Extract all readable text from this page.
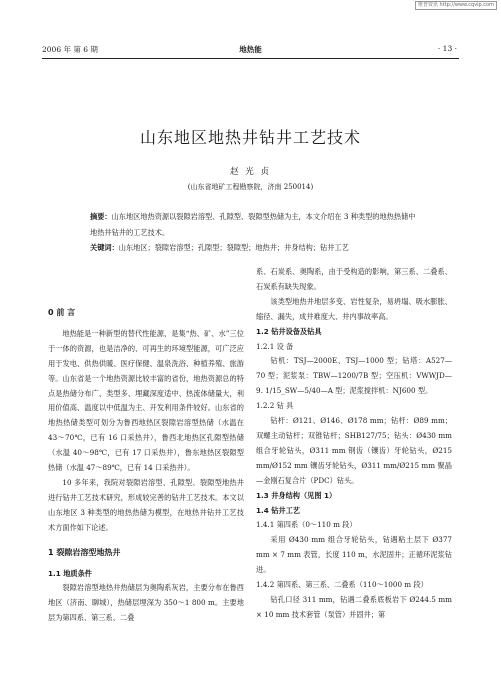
维普资讯 http://www.cqvip.com
2006 年 第 6 期	地热能	· 13 ·
山东地区地热井钻井工艺技术
赵 光 贞
(山东省地矿工程勘察院，济南 250014)
摘要：山东地区地热资源以裂隙岩溶型、孔隙型、裂隙型热储为主，本文介绍在 3 种类型的地热热储中地热井钻井的工艺技术。
关键词：山东地区；裂隙岩溶型；孔隙型；裂隙型；地热井；井身结构；钻井工艺

0 前 言

地热能是一种新型的替代性能源，是集“热、矿、水”三位于一体的资源，也是洁净的、可再生的环境型能源，可广泛应用于发电、供热供暖、医疗保健、温泉洗浴、种植养殖、旅游等。山东省是一个地热资源比较丰富的省份，地热资源总的特点是热储分布广、类型多、埋藏深度适中、热流体储量大，利用价值高、温度以中低温为主、开发利用条件较好。山东省的地热热储类型可划分为鲁西地热区裂隙岩溶型热储（水温在 43～70℃，已有 16 口采热井），鲁西北地热区孔隙型热储（水温 40～98℃，已有 17 口采热井），鲁东地热区裂隙型热储（水温 47～89℃，已有 14 口采热井）。

10 多年来，我院对裂隙岩溶型、孔隙型、裂隙型地热井进行钻井工艺技术研究，形成较完善的钻井工艺技术。本文以山东地区 3 种类型的地热热储为模型，在地热井钻井工艺技术方面作如下论述。

1 裂隙岩溶型地热井

1.1 地质条件

裂隙岩溶型地热井热储层为奥陶系灰岩，主要分布在鲁西地区（济南、聊城），热储层埋深为 350～1 800 m。主要地层为第四系、第三系、二叠

系、石炭系、奥陶系，由于受构造的影响，第三系、二叠系、石炭系有缺失现象。

该类型地热井地层多变、岩性复杂，易坍塌、吸水膨胀、缩径、漏失，成井难度大、井内事故率高。

1.2 钻井设备及钻具

1.2.1 设 备

钻机：TSJ—2000E、TSJ—1000 型；钻塔：A527—70 型；泥浆泵：TBW—1200/7B 型；空压机：VWWJD—9. 1/15_SW—5/40—A 型；泥浆搅拌机：NJ600 型。

1.2.2 钻 具

钻杆：Ø121、Ø146、Ø178 mm；钻杆：Ø89 mm；双螺主动钻杆；双锥钻杆；SHB127/75；钻头：Ø430 mm 组合牙轮钻头，Ø311 mm 钢齿（镶齿）牙轮钻头，Ø215 mm/Ø152 mm 镶齿牙轮钻头，Ø311 mm/Ø215 mm 聚晶—金刚石复合片（PDC）钻头。

1.3 井身结构（见图 1）

1.4 钻井工艺

1.4.1 第四系（0～110 m 段）

采用 Ø430 mm 组合牙轮钻头，钻遇粘土层下 Ø377 mm × 7 mm 表管，长度 110 m，水泥固井；正循环泥浆钻进。

1.4.2 第四系、第三系、二叠系（110～1000 m 段）

钻孔口径 311 mm，钻遇二叠系底板岩下 Ø244.5 mm × 10 mm 技术套管（泵管）并固井；第
